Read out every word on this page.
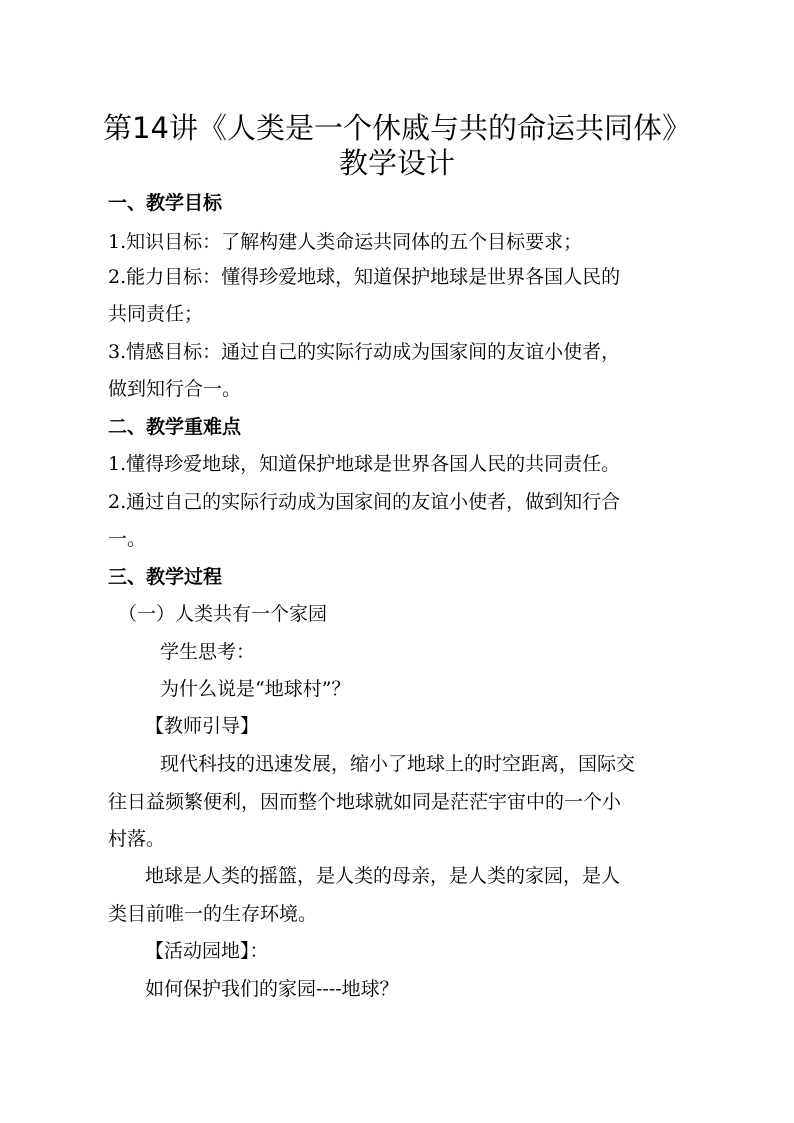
第14讲《人类是一个休戚与共的命运共同体》
教学设计
一、教学目标
1.知识目标：了解构建人类命运共同体的五个目标要求；
2.能力目标：懂得珍爱地球，知道保护地球是世界各国人民的
共同责任；
3.情感目标：通过自己的实际行动成为国家间的友谊小使者，
做到知行合一。
二、教学重难点
1.懂得珍爱地球，知道保护地球是世界各国人民的共同责任。
2.通过自己的实际行动成为国家间的友谊小使者，做到知行合
一。
三、教学过程
（一）人类共有一个家园
学生思考：
为什么说是“地球村”？
【教师引导】
现代科技的迅速发展，缩小了地球上的时空距离，国际交
往日益频繁便利，因而整个地球就如同是茫茫宇宙中的一个小
村落。
地球是人类的摇篮，是人类的母亲，是人类的家园，是人
类目前唯一的生存环境。
【活动园地】：
如何保护我们的家园----地球？
